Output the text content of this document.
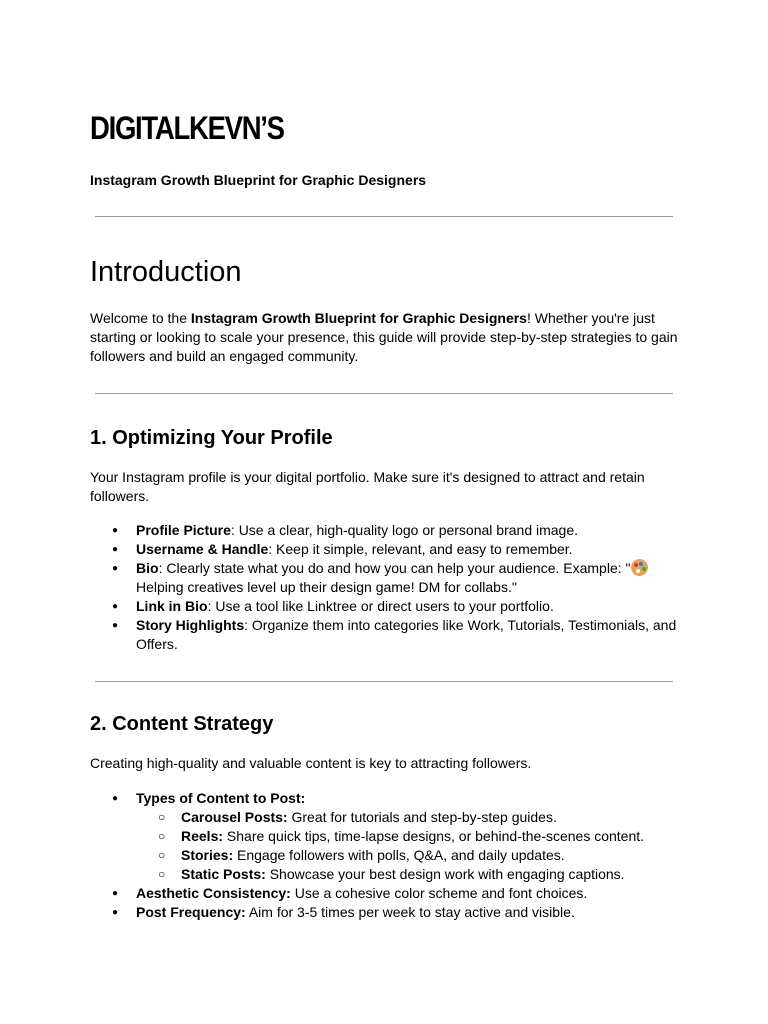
DIGITALKEVN’S

Instagram Growth Blueprint for Graphic Designers

Introduction

Welcome to the Instagram Growth Blueprint for Graphic Designers! Whether you're just starting or looking to scale your presence, this guide will provide step-by-step strategies to gain followers and build an engaged community.

1. Optimizing Your Profile

Your Instagram profile is your digital portfolio. Make sure it's designed to attract and retain followers.

● Profile Picture: Use a clear, high-quality logo or personal brand image.
● Username & Handle: Keep it simple, relevant, and easy to remember.
● Bio: Clearly state what you do and how you can help your audience. Example: "
Helping creatives level up their design game! DM for collabs."
● Link in Bio: Use a tool like Linktree or direct users to your portfolio.
● Story Highlights: Organize them into categories like Work, Tutorials, Testimonials, and Offers.
2. Content Strategy

Creating high-quality and valuable content is key to attracting followers.

● Types of Content to Post:
○ Carousel Posts: Great for tutorials and step-by-step guides.
○ Reels: Share quick tips, time-lapse designs, or behind-the-scenes content.
○ Stories: Engage followers with polls, Q&A, and daily updates.
○ Static Posts: Showcase your best design work with engaging captions.
● Aesthetic Consistency: Use a cohesive color scheme and font choices.
● Post Frequency: Aim for 3-5 times per week to stay active and visible.
